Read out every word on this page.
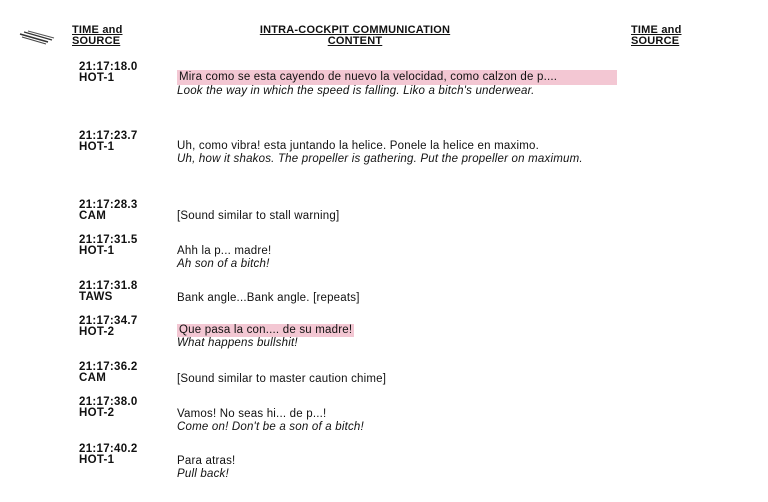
TIME and
SOURCE
INTRA-COCKPIT COMMUNICATION
CONTENT
TIME and
SOURCE
21:17:18.0
HOT-1	Mira como se esta cayendo de nuevo la velocidad, como calzon de p....
Look the way in which the speed is falling. Liko a bitch's underwear.
21:17:23.7
HOT-1	Uh, como vibra! esta juntando la helice. Ponele la helice en maximo.
Uh, how it shakos. The propeller is gathering. Put the propeller on maximum.
21:17:28.3
CAM	[Sound similar to stall warning]
21:17:31.5
HOT-1	Ahh la p... madre!
Ah son of a bitch!
21:17:31.8
TAWS	Bank angle...Bank angle. [repeats]
21:17:34.7
HOT-2	Que pasa la con.... de su madre!
What happens bullshit!
21:17:36.2
CAM	[Sound similar to master caution chime]
21:17:38.0
HOT-2	Vamos! No seas hi... de p...!
Come on! Don't be a son of a bitch!
21:17:40.2
HOT-1	Para atras!
Pull back!
